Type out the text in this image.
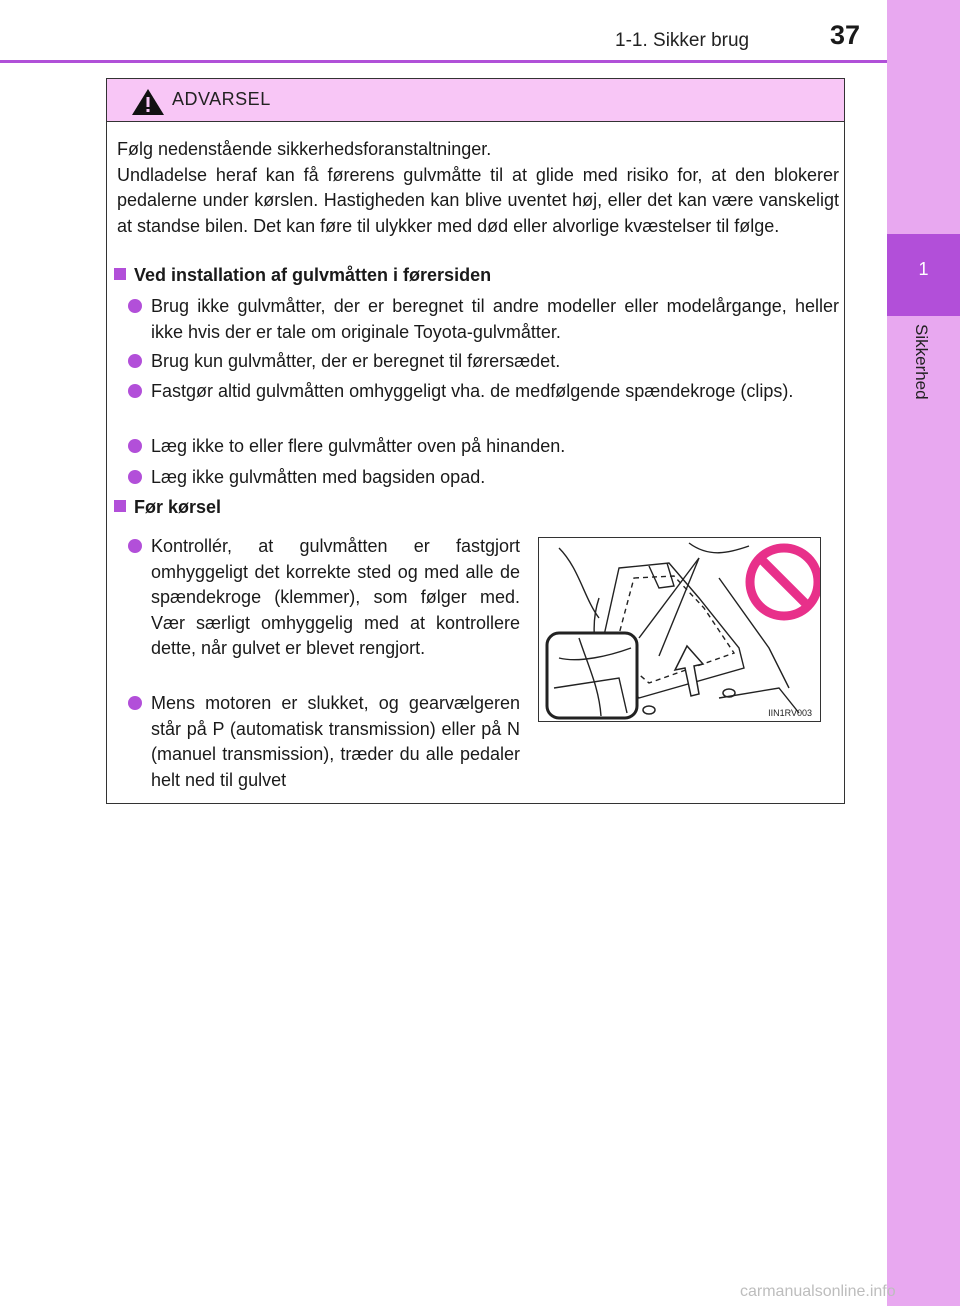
1-1. Sikker brug	37
1
Sikkerhed
ADVARSEL
Følg nedenstående sikkerhedsforanstaltninger.
Undladelse heraf kan få førerens gulvmåtte til at glide med risiko for, at den blokerer pedalerne under kørslen. Hastigheden kan blive uventet høj, eller det kan være vanskeligt at standse bilen. Det kan føre til ulykker med død eller alvorlige kvæstelser til følge.
Ved installation af gulvmåtten i førersiden
Brug ikke gulvmåtter, der er beregnet til andre modeller eller modelårgange, heller ikke hvis der er tale om originale Toyota-gulvmåtter.
Brug kun gulvmåtter, der er beregnet til førersædet.
Fastgør altid gulvmåtten omhyggeligt vha. de medfølgende spændekroge (clips).
Læg ikke to eller flere gulvmåtter oven på hinanden.
Læg ikke gulvmåtten med bagsiden opad.
Før kørsel
Kontrollér, at gulvmåtten er fastgjort omhyggeligt det korrekte sted og med alle de spændekroge (klemmer), som følger med. Vær særligt omhyggelig med at kontrollere dette, når gulvet er blevet rengjort.
Mens motoren er slukket, og gearvælgeren står på P (automatisk transmission) eller på N (manuel transmission), træder du alle pedaler helt ned til gulvet
IIN1RV003
carmanualsonline.info
